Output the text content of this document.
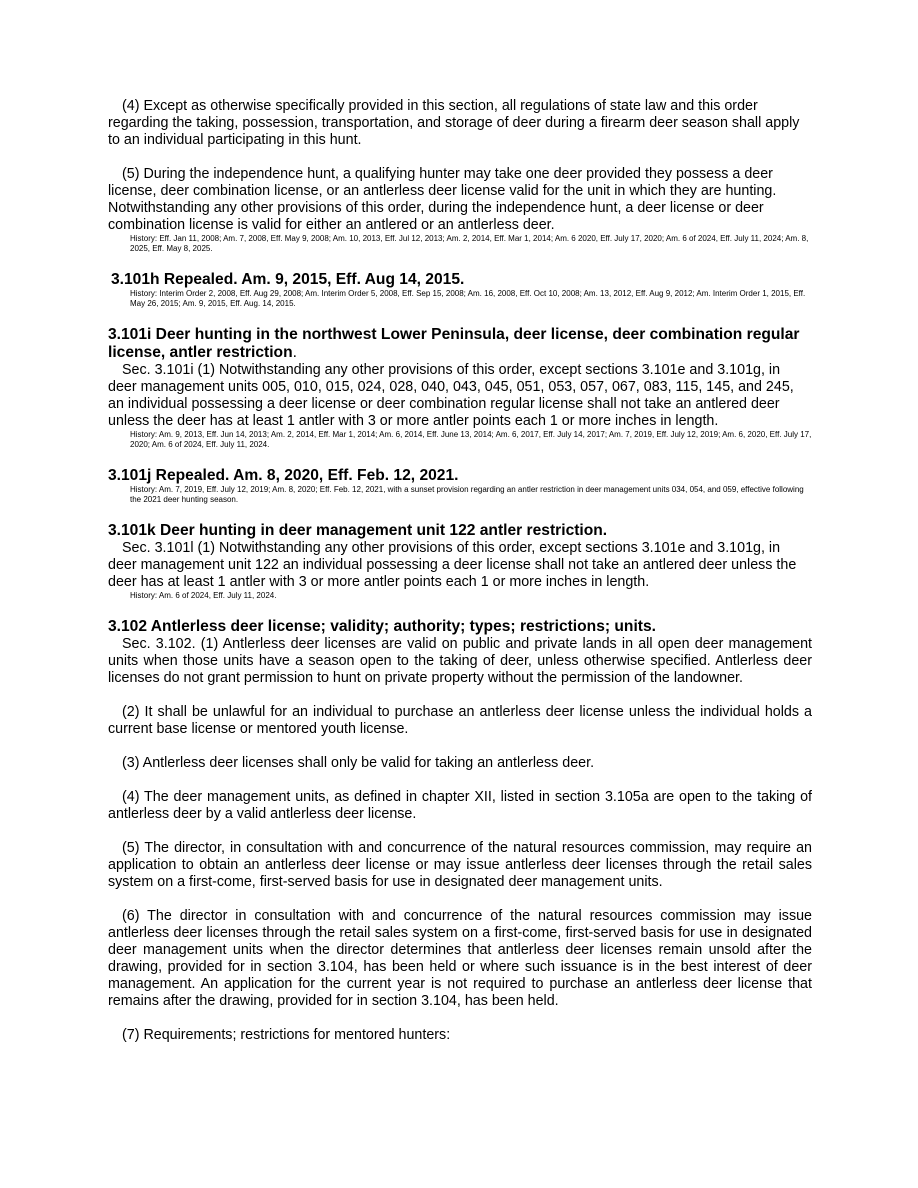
(4) Except as otherwise specifically provided in this section, all regulations of state law and this order regarding the taking, possession, transportation, and storage of deer during a firearm deer season shall apply to an individual participating in this hunt.

(5) During the independence hunt, a qualifying hunter may take one deer provided they possess a deer license, deer combination license, or an antlerless deer license valid for the unit in which they are hunting. Notwithstanding any other provisions of this order, during the independence hunt, a deer license or deer combination license is valid for either an antlered or an antlerless deer.

History: Eff. Jan 11, 2008; Am. 7, 2008, Eff. May 9, 2008; Am. 10, 2013, Eff. Jul 12, 2013; Am. 2, 2014, Eff. Mar 1, 2014; Am. 6 2020, Eff. July 17, 2020; Am. 6 of 2024, Eff. July 11, 2024; Am. 8, 2025, Eff. May 8, 2025.

3.101h Repealed. Am. 9, 2015, Eff. Aug 14, 2015.

History: Interim Order 2, 2008, Eff. Aug 29, 2008; Am. Interim Order 5, 2008, Eff. Sep 15, 2008; Am. 16, 2008, Eff. Oct 10, 2008; Am. 13, 2012, Eff. Aug 9, 2012; Am. Interim Order 1, 2015, Eff. May 26, 2015; Am. 9, 2015, Eff. Aug. 14, 2015.

3.101i Deer hunting in the northwest Lower Peninsula, deer license, deer combination regular license, antler restriction.

Sec. 3.101i (1) Notwithstanding any other provisions of this order, except sections 3.101e and 3.101g, in deer management units 005, 010, 015, 024, 028, 040, 043, 045, 051, 053, 057, 067, 083, 115, 145, and 245, an individual possessing a deer license or deer combination regular license shall not take an antlered deer unless the deer has at least 1 antler with 3 or more antler points each 1 or more inches in length.

History: Am. 9, 2013, Eff. Jun 14, 2013; Am. 2, 2014, Eff. Mar 1, 2014; Am. 6, 2014, Eff. June 13, 2014; Am. 6, 2017, Eff. July 14, 2017; Am. 7, 2019, Eff. July 12, 2019; Am. 6, 2020, Eff. July 17, 2020; Am. 6 of 2024, Eff. July 11, 2024.

3.101j Repealed. Am. 8, 2020, Eff. Feb. 12, 2021.

History: Am. 7, 2019, Eff. July 12, 2019; Am. 8, 2020; Eff. Feb. 12, 2021, with a sunset provision regarding an antler restriction in deer management units 034, 054, and 059, effective following the 2021 deer hunting season.

3.101k Deer hunting in deer management unit 122 antler restriction.

Sec. 3.101l (1) Notwithstanding any other provisions of this order, except sections 3.101e and 3.101g, in deer management unit 122 an individual possessing a deer license shall not take an antlered deer unless the deer has at least 1 antler with 3 or more antler points each 1 or more inches in length.

History: Am. 6 of 2024, Eff. July 11, 2024.

3.102 Antlerless deer license; validity; authority; types; restrictions; units.

Sec. 3.102. (1) Antlerless deer licenses are valid on public and private lands in all open deer management units when those units have a season open to the taking of deer, unless otherwise specified. Antlerless deer licenses do not grant permission to hunt on private property without the permission of the landowner.

(2) It shall be unlawful for an individual to purchase an antlerless deer license unless the individual holds a current base license or mentored youth license.

(3) Antlerless deer licenses shall only be valid for taking an antlerless deer.

(4) The deer management units, as defined in chapter XII, listed in section 3.105a are open to the taking of antlerless deer by a valid antlerless deer license.

(5) The director, in consultation with and concurrence of the natural resources commission, may require an application to obtain an antlerless deer license or may issue antlerless deer licenses through the retail sales system on a first-come, first-served basis for use in designated deer management units.

(6) The director in consultation with and concurrence of the natural resources commission may issue antlerless deer licenses through the retail sales system on a first-come, first-served basis for use in designated deer management units when the director determines that antlerless deer licenses remain unsold after the drawing, provided for in section 3.104, has been held or where such issuance is in the best interest of deer management. An application for the current year is not required to purchase an antlerless deer license that remains after the drawing, provided for in section 3.104, has been held.

(7) Requirements; restrictions for mentored hunters:
